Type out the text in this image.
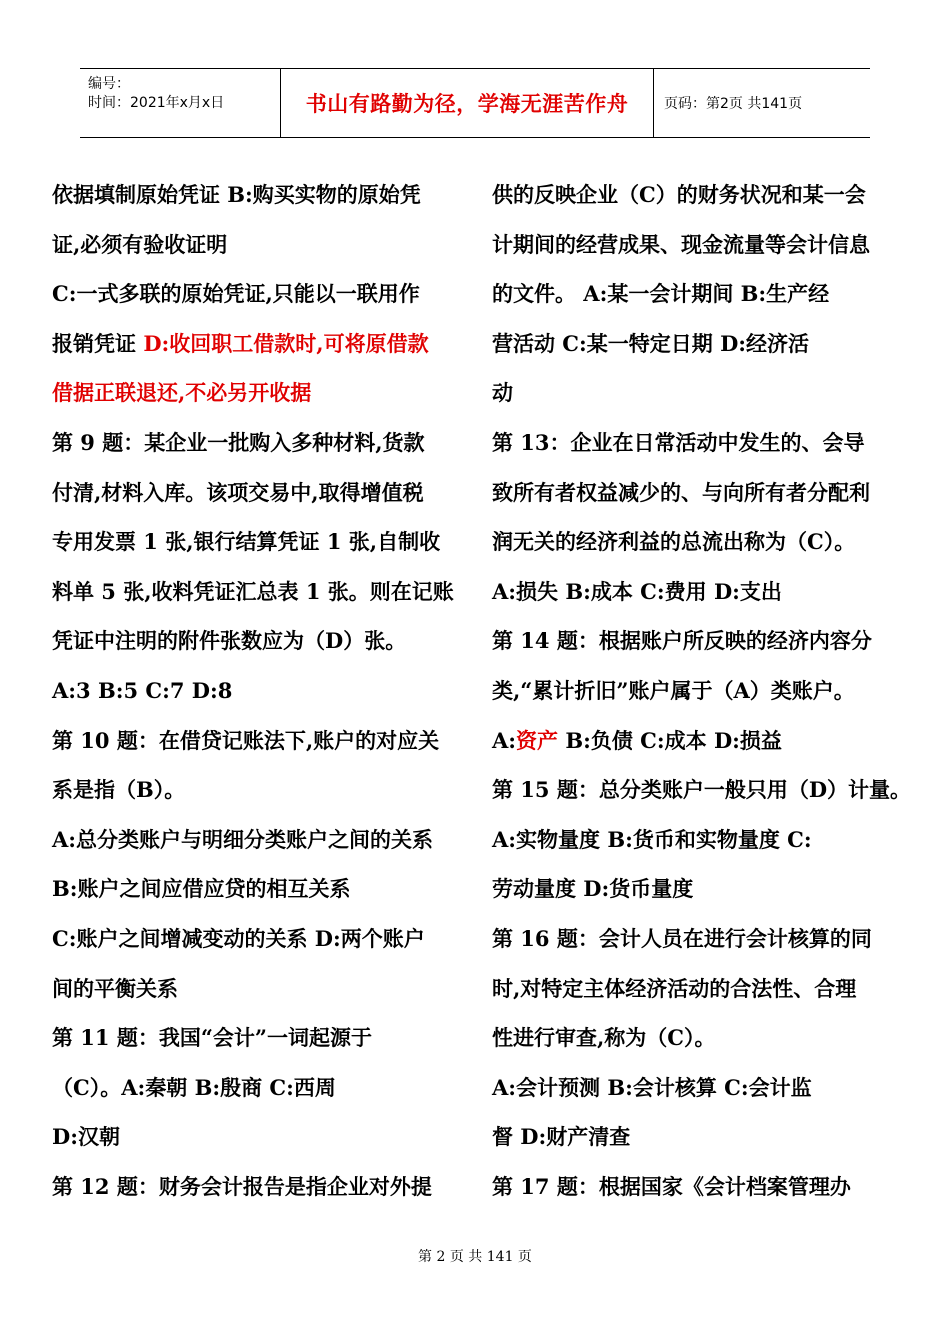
编号：
时间：2021年x月x日	书山有路勤为径，学海无涯苦作舟	页码：第2页 共141页
依据填制原始凭证 B:购买实物的原始凭
证,必须有验收证明
C:一式多联的原始凭证,只能以一联用作
报销凭证 D:收回职工借款时,可将原借款
借据正联退还,不必另开收据
第 9 题：某企业一批购入多种材料,货款
付清,材料入库。该项交易中,取得增值税
专用发票 1 张,银行结算凭证 1 张,自制收
料单 5 张,收料凭证汇总表 1 张。则在记账
凭证中注明的附件张数应为（D）张。
A:3 B:5 C:7 D:8
第 10 题：在借贷记账法下,账户的对应关
系是指（B）。
A:总分类账户与明细分类账户之间的关系
B:账户之间应借应贷的相互关系
C:账户之间增减变动的关系 D:两个账户
间的平衡关系
第 11 题：我国“会计”一词起源于
（C）。A:秦朝 B:殷商 C:西周
D:汉朝
第 12 题：财务会计报告是指企业对外提
供的反映企业（C）的财务状况和某一会
计期间的经营成果、现金流量等会计信息
的文件。 A:某一会计期间 B:生产经
营活动 C:某一特定日期 D:经济活
动
第 13：企业在日常活动中发生的、会导
致所有者权益减少的、与向所有者分配利
润无关的经济利益的总流出称为（C）。
A:损失 B:成本 C:费用 D:支出
第 14 题：根据账户所反映的经济内容分
类,“累计折旧”账户属于（A）类账户。
A:资产 B:负债 C:成本 D:损益
第 15 题：总分类账户一般只用（D）计量。
A:实物量度 B:货币和实物量度 C:
劳动量度 D:货币量度
第 16 题：会计人员在进行会计核算的同
时,对特定主体经济活动的合法性、合理
性进行审查,称为（C）。
A:会计预测 B:会计核算 C:会计监
督 D:财产清查
第 17 题：根据国家《会计档案管理办
第 2 页 共 141 页
